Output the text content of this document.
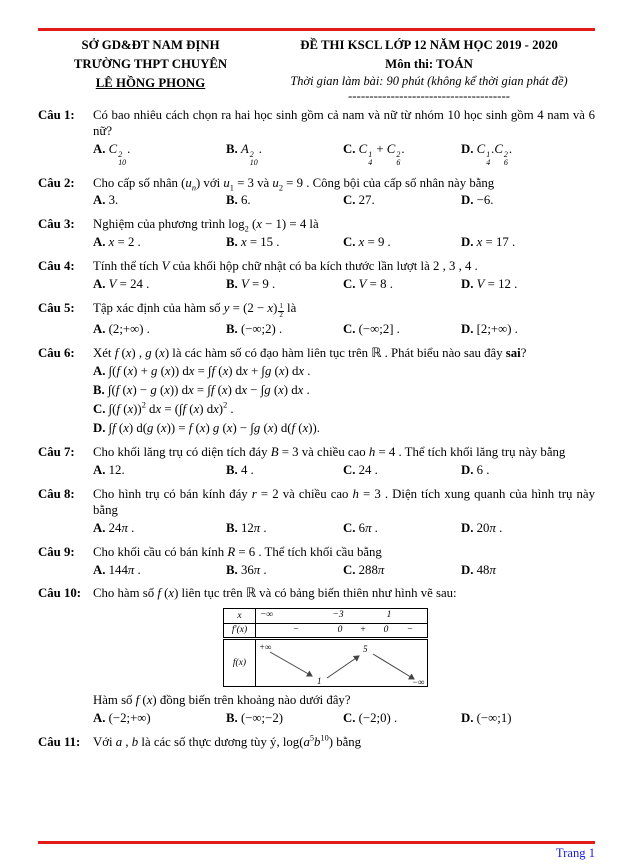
SỞ GD&ĐT NAM ĐỊNH
TRƯỜNG THPT CHUYÊN
LÊ HỒNG PHONG
ĐỀ THI KSCL LỚP 12 NĂM HỌC 2019 - 2020
Môn thi: TOÁN
Thời gian làm bài: 90 phút (không kể thời gian phát đề)
--------------------------------------
Câu 1:	Có bao nhiêu cách chọn ra hai học sinh gồm cả nam và nữ từ nhóm 10 học sinh gồm 4 nam và 6 nữ?
A. C 2
10
.	B. A 2
10
.	C. C 1
4
+ C 2
6
.	D. C 1
4
.C 2
6
.
Câu 2:	Cho cấp số nhân $(u_n)$ với $u_1 = 3$ và $u_2 = 9$ . Công bội của cấp số nhân này bằng
A. 3.	B. 6.	C. 27.	D. −6.
Câu 3:	Nghiệm của phương trình $\log_2 (x - 1) = 4$ là
A. x = 2 .	B. x = 15 .	C. x = 9 .	D. x = 17 .
Câu 4:	Tính thể tích V của khối hộp chữ nhật có ba kích thước lần lượt là 2 , 3 , 4 .
A. V = 24 .	B. V = 9 .	C. V = 8 .	D. V = 12 .
Câu 5:	Tập xác định của hàm số $y = (2 - x) \frac{1}{2}$ là
A. (2;+∞) .	B. (−∞;2) .	C. (−∞;2] .	D. [2;+∞) .
Câu 6:	Xét f (x) , g (x) là các hàm số có đạo hàm liên tục trên ℝ . Phát biểu nào sau đây sai?
A. ∫(f (x) + g (x)) dx = ∫f (x) dx + ∫g (x) dx .
B. ∫(f (x) − g (x)) dx = ∫f (x) dx − ∫g (x) dx .
C. ∫(f (x))$^2$ dx = (∫f (x) dx)$^2$ .
D. ∫f (x) d(g (x)) = f (x) g (x) − ∫g (x) d(f (x)).
Câu 7:	Cho khối lăng trụ có diện tích đáy B = 3 và chiều cao h = 4 . Thể tích khối lăng trụ này bằng
A. 12.	B. 4 .	C. 24 .	D. 6 .
Câu 8:	Cho hình trụ có bán kính đáy r = 2 và chiều cao h = 3 . Diện tích xung quanh của hình trụ này bằng
A. 24π .	B. 12π .	C. 6π .	D. 20π .
Câu 9:	Cho khối cầu có bán kính R = 6 . Thể tích khối cầu bằng
A. 144π .	B. 36π .	C. 288π	D. 48π
Câu 10: Cho hàm số f (x) liên tục trên ℝ và có bảng biến thiên như hình vẽ sau:
x	−∞ −3 1

f′(x)	− 0 + 0 −

f(x)	+∞
1
5
−∞
Hàm số f (x) đồng biến trên khoảng nào dưới đây?
A. (−2;+∞)	B. (−∞;−2)	C. (−2;0) .	D. (−∞;1)
Câu 11: Với a , b là các số thực dương tùy ý, $\log(a^5b^{10})$ bằng
Trang 1
